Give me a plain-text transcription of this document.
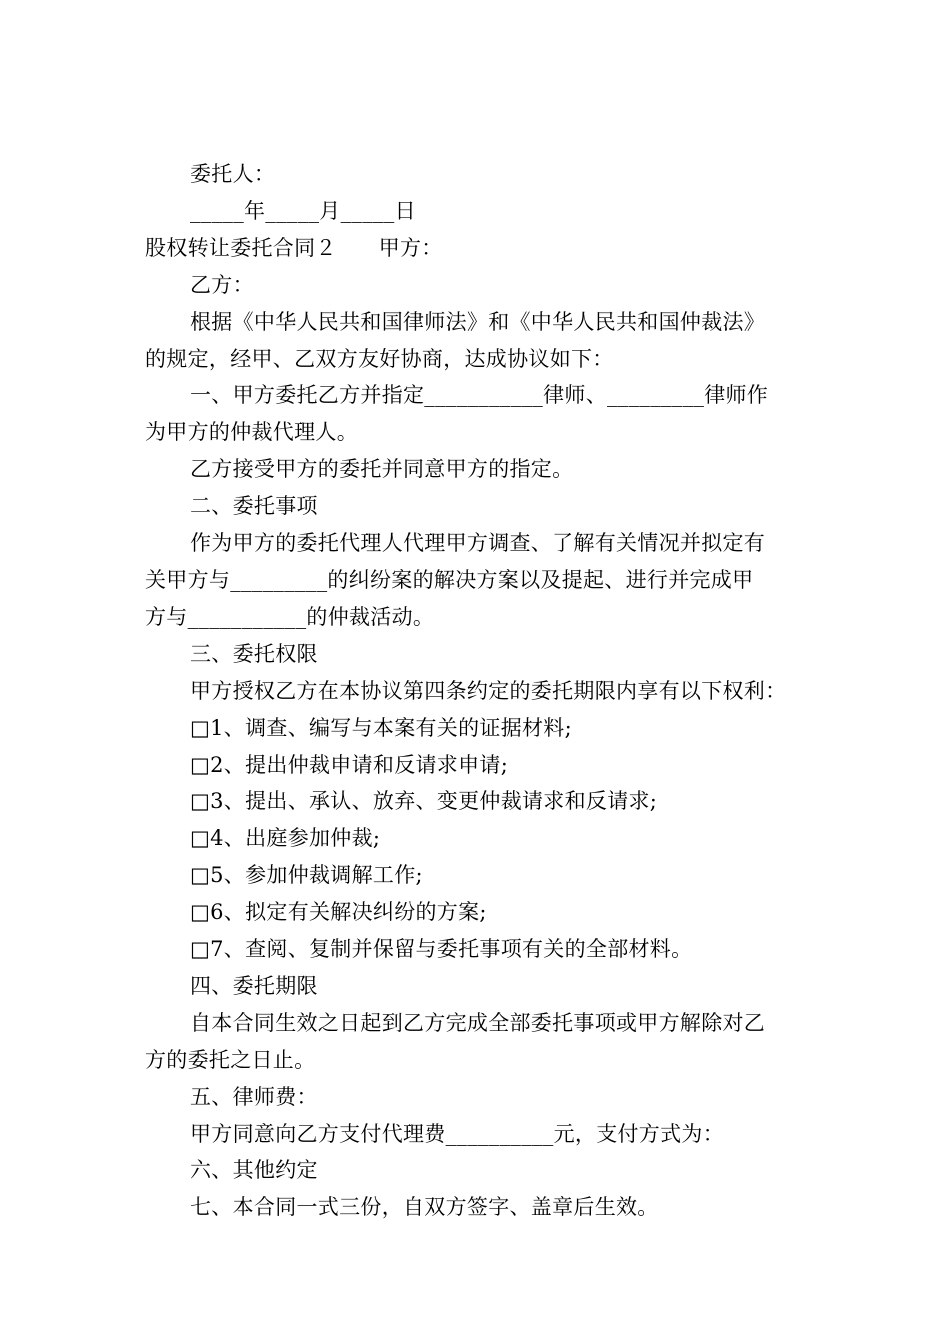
委托人：
_____年_____月_____日
股权转让委托合同２ 甲方：
乙方：
根据《中华人民共和国律师法》和《中华人民共和国仲裁法》
的规定，经甲、乙双方友好协商，达成协议如下：
一、甲方委托乙方并指定___________律师、_________律师作
为甲方的仲裁代理人。
乙方接受甲方的委托并同意甲方的指定。
二、委托事项
作为甲方的委托代理人代理甲方调查、了解有关情况并拟定有
关甲方与_________的纠纷案的解决方案以及提起、进行并完成甲
方与___________的仲裁活动。
三、委托权限
甲方授权乙方在本协议第四条约定的委托期限内享有以下权利：
□1、调查、编写与本案有关的证据材料;
□2、提出仲裁申请和反请求申请;
□3、提出、承认、放弃、变更仲裁请求和反请求;
□4、出庭参加仲裁;
□5、参加仲裁调解工作;
□6、拟定有关解决纠纷的方案;
□7、查阅、复制并保留与委托事项有关的全部材料。
四、委托期限
自本合同生效之日起到乙方完成全部委托事项或甲方解除对乙
方的委托之日止。
五、律师费：
甲方同意向乙方支付代理费__________元，支付方式为：
六、其他约定
七、本合同一式三份，自双方签字、盖章后生效。
